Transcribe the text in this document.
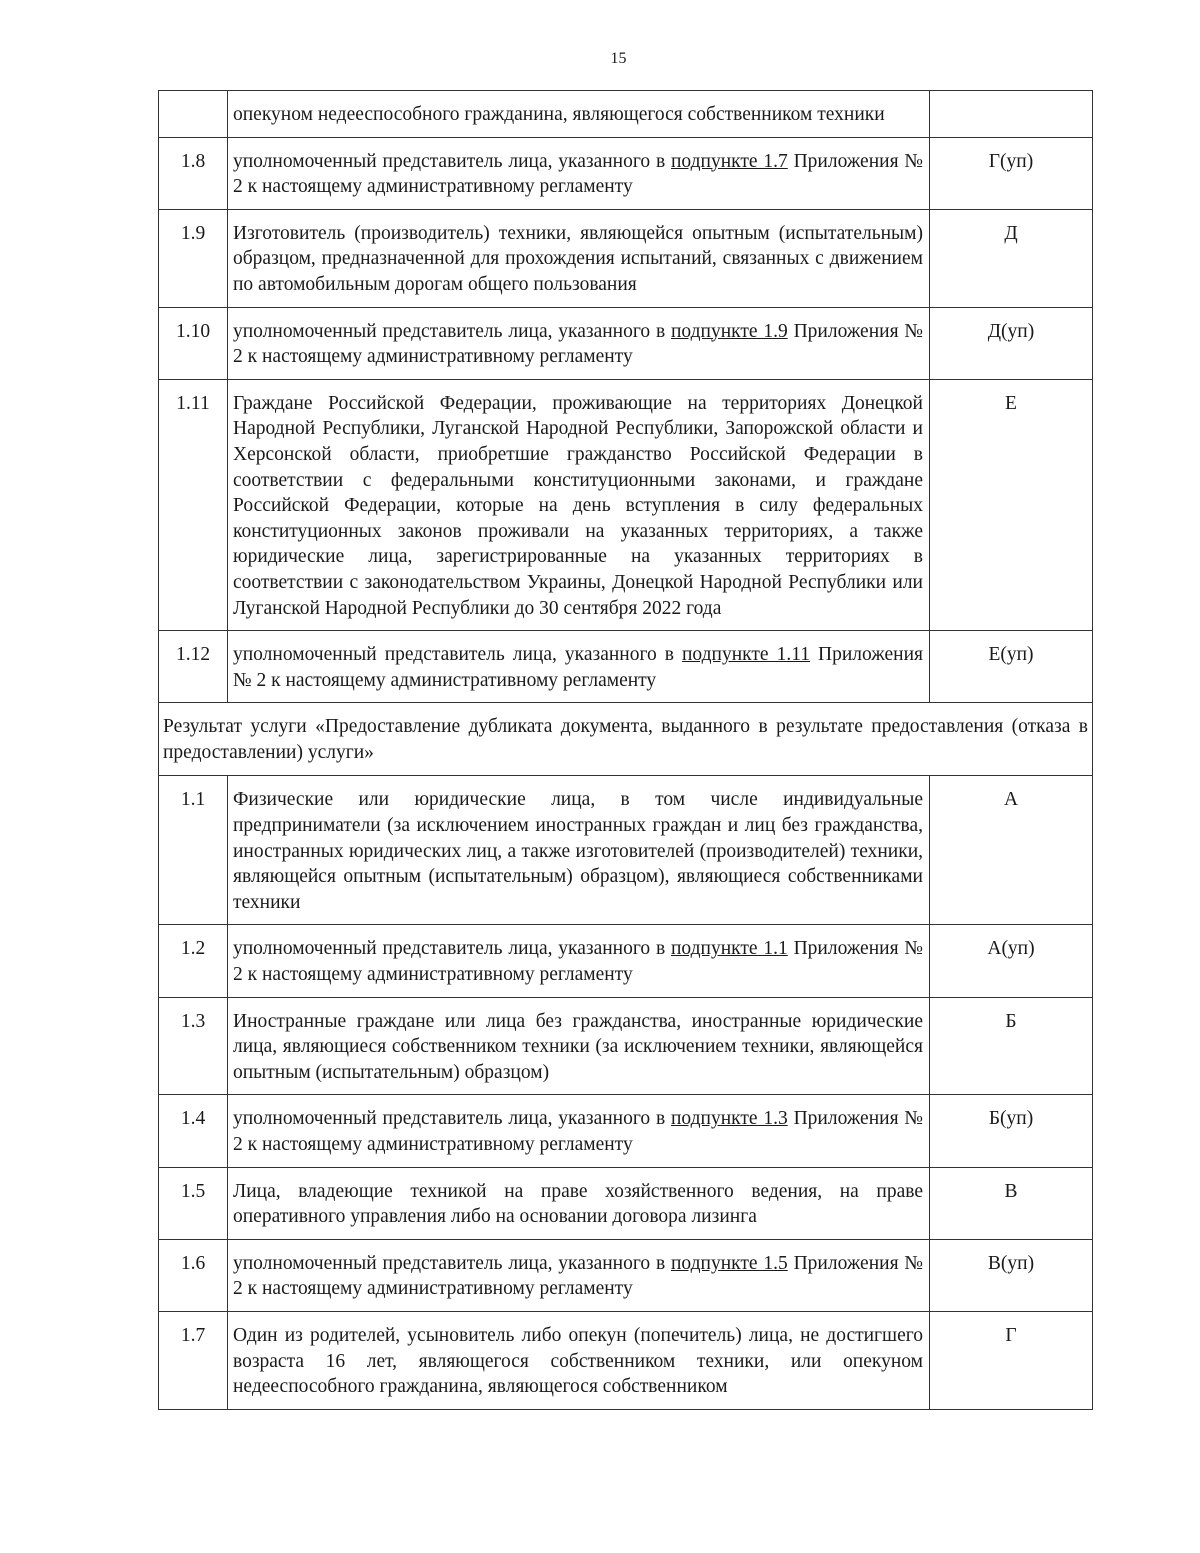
15
	опекуном недееспособного гражданина, являющегося собственником техники	
1.8	уполномоченный представитель лица, указанного в подпункте 1.7 Приложения № 2 к настоящему административному регламенту	Г(уп)
1.9	Изготовитель (производитель) техники, являющейся опытным (испытательным) образцом, предназначенной для прохождения испытаний, связанных с движением по автомобильным дорогам общего пользования	Д
1.10	уполномоченный представитель лица, указанного в подпункте 1.9 Приложения № 2 к настоящему административному регламенту	Д(уп)
1.11	Граждане Российской Федерации, проживающие на территориях Донецкой Народной Республики, Луганской Народной Республики, Запорожской области и Херсонской области, приобретшие гражданство Российской Федерации в соответствии с федеральными конституционными законами, и граждане Российской Федерации, которые на день вступления в силу федеральных конституционных законов проживали на указанных территориях, а также юридические лица, зарегистрированные на указанных территориях в соответствии с законодательством Украины, Донецкой Народной Республики или Луганской Народной Республики до 30 сентября 2022 года	Е
1.12	уполномоченный представитель лица, указанного в подпункте 1.11 Приложения № 2 к настоящему административному регламенту	Е(уп)
Результат услуги «Предоставление дубликата документа, выданного в результате предоставления (отказа в предоставлении) услуги»		
1.1	Физические или юридические лица, в том числе индивидуальные предприниматели (за исключением иностранных граждан и лиц без гражданства, иностранных юридических лиц, а также изготовителей (производителей) техники, являющейся опытным (испытательным) образцом), являющиеся собственниками техники	А
1.2	уполномоченный представитель лица, указанного в подпункте 1.1 Приложения № 2 к настоящему административному регламенту	А(уп)
1.3	Иностранные граждане или лица без гражданства, иностранные юридические лица, являющиеся собственником техники (за исключением техники, являющейся опытным (испытательным) образцом)	Б
1.4	уполномоченный представитель лица, указанного в подпункте 1.3 Приложения № 2 к настоящему административному регламенту	Б(уп)
1.5	Лица, владеющие техникой на праве хозяйственного ведения, на праве оперативного управления либо на основании договора лизинга	В
1.6	уполномоченный представитель лица, указанного в подпункте 1.5 Приложения № 2 к настоящему административному регламенту	В(уп)
1.7	Один из родителей, усыновитель либо опекун (попечитель) лица, не достигшего возраста 16 лет, являющегося собственником техники, или опекуном недееспособного гражданина, являющегося собственником	Г
